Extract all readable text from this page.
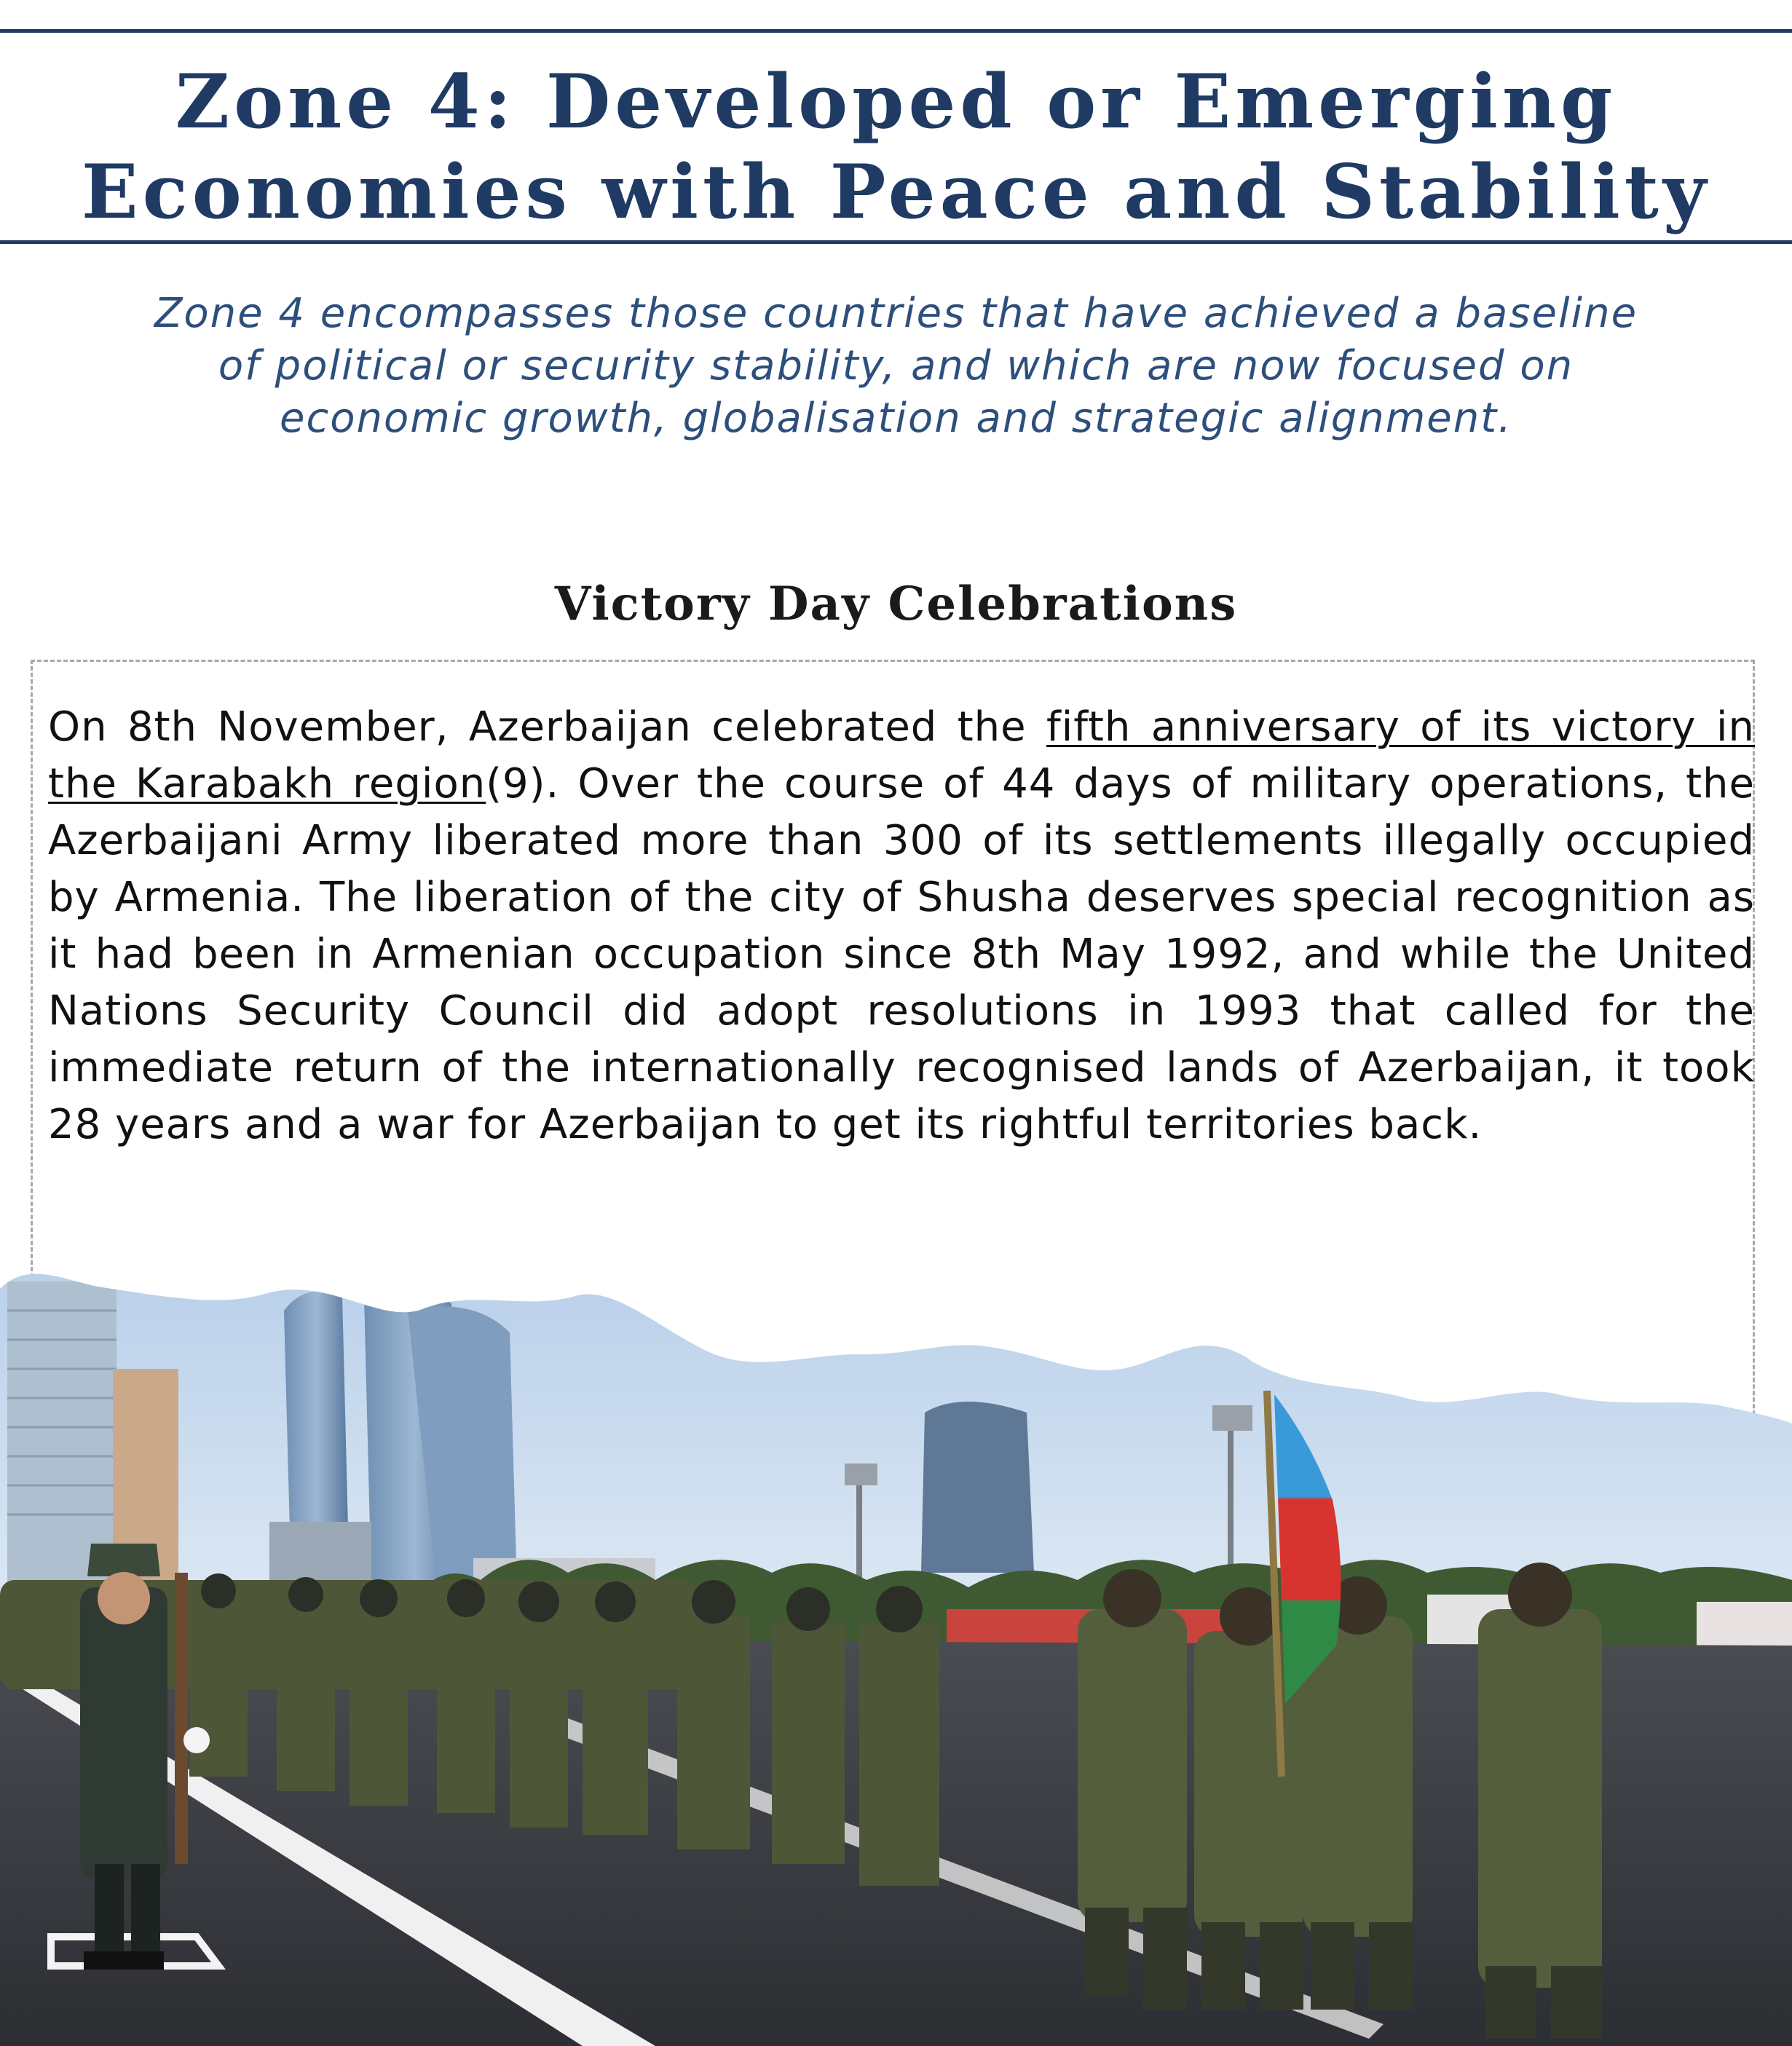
Zone 4: Developed or Emerging
Economies with Peace and Stability

Zone 4 encompasses those countries that have achieved a baseline
of political or security stability, and which are now focused on
economic growth, globalisation and strategic alignment.

Victory Day Celebrations

On 8th November, Azerbaijan celebrated the fifth anniversary of its victory in the Karabakh region(9). Over the course of 44 days of military operations, the Azerbaijani Army liberated more than 300 of its settlements illegally occupied by Armenia. The liberation of the city of Shusha deserves special recognition as it had been in Armenian occupation since 8th May 1992, and while the United Nations Security Council did adopt resolutions in 1993 that called for the immediate return of the internationally recognised lands of Azerbaijan, it took 28 years and a war for Azerbaijan to get its rightful territories back.
